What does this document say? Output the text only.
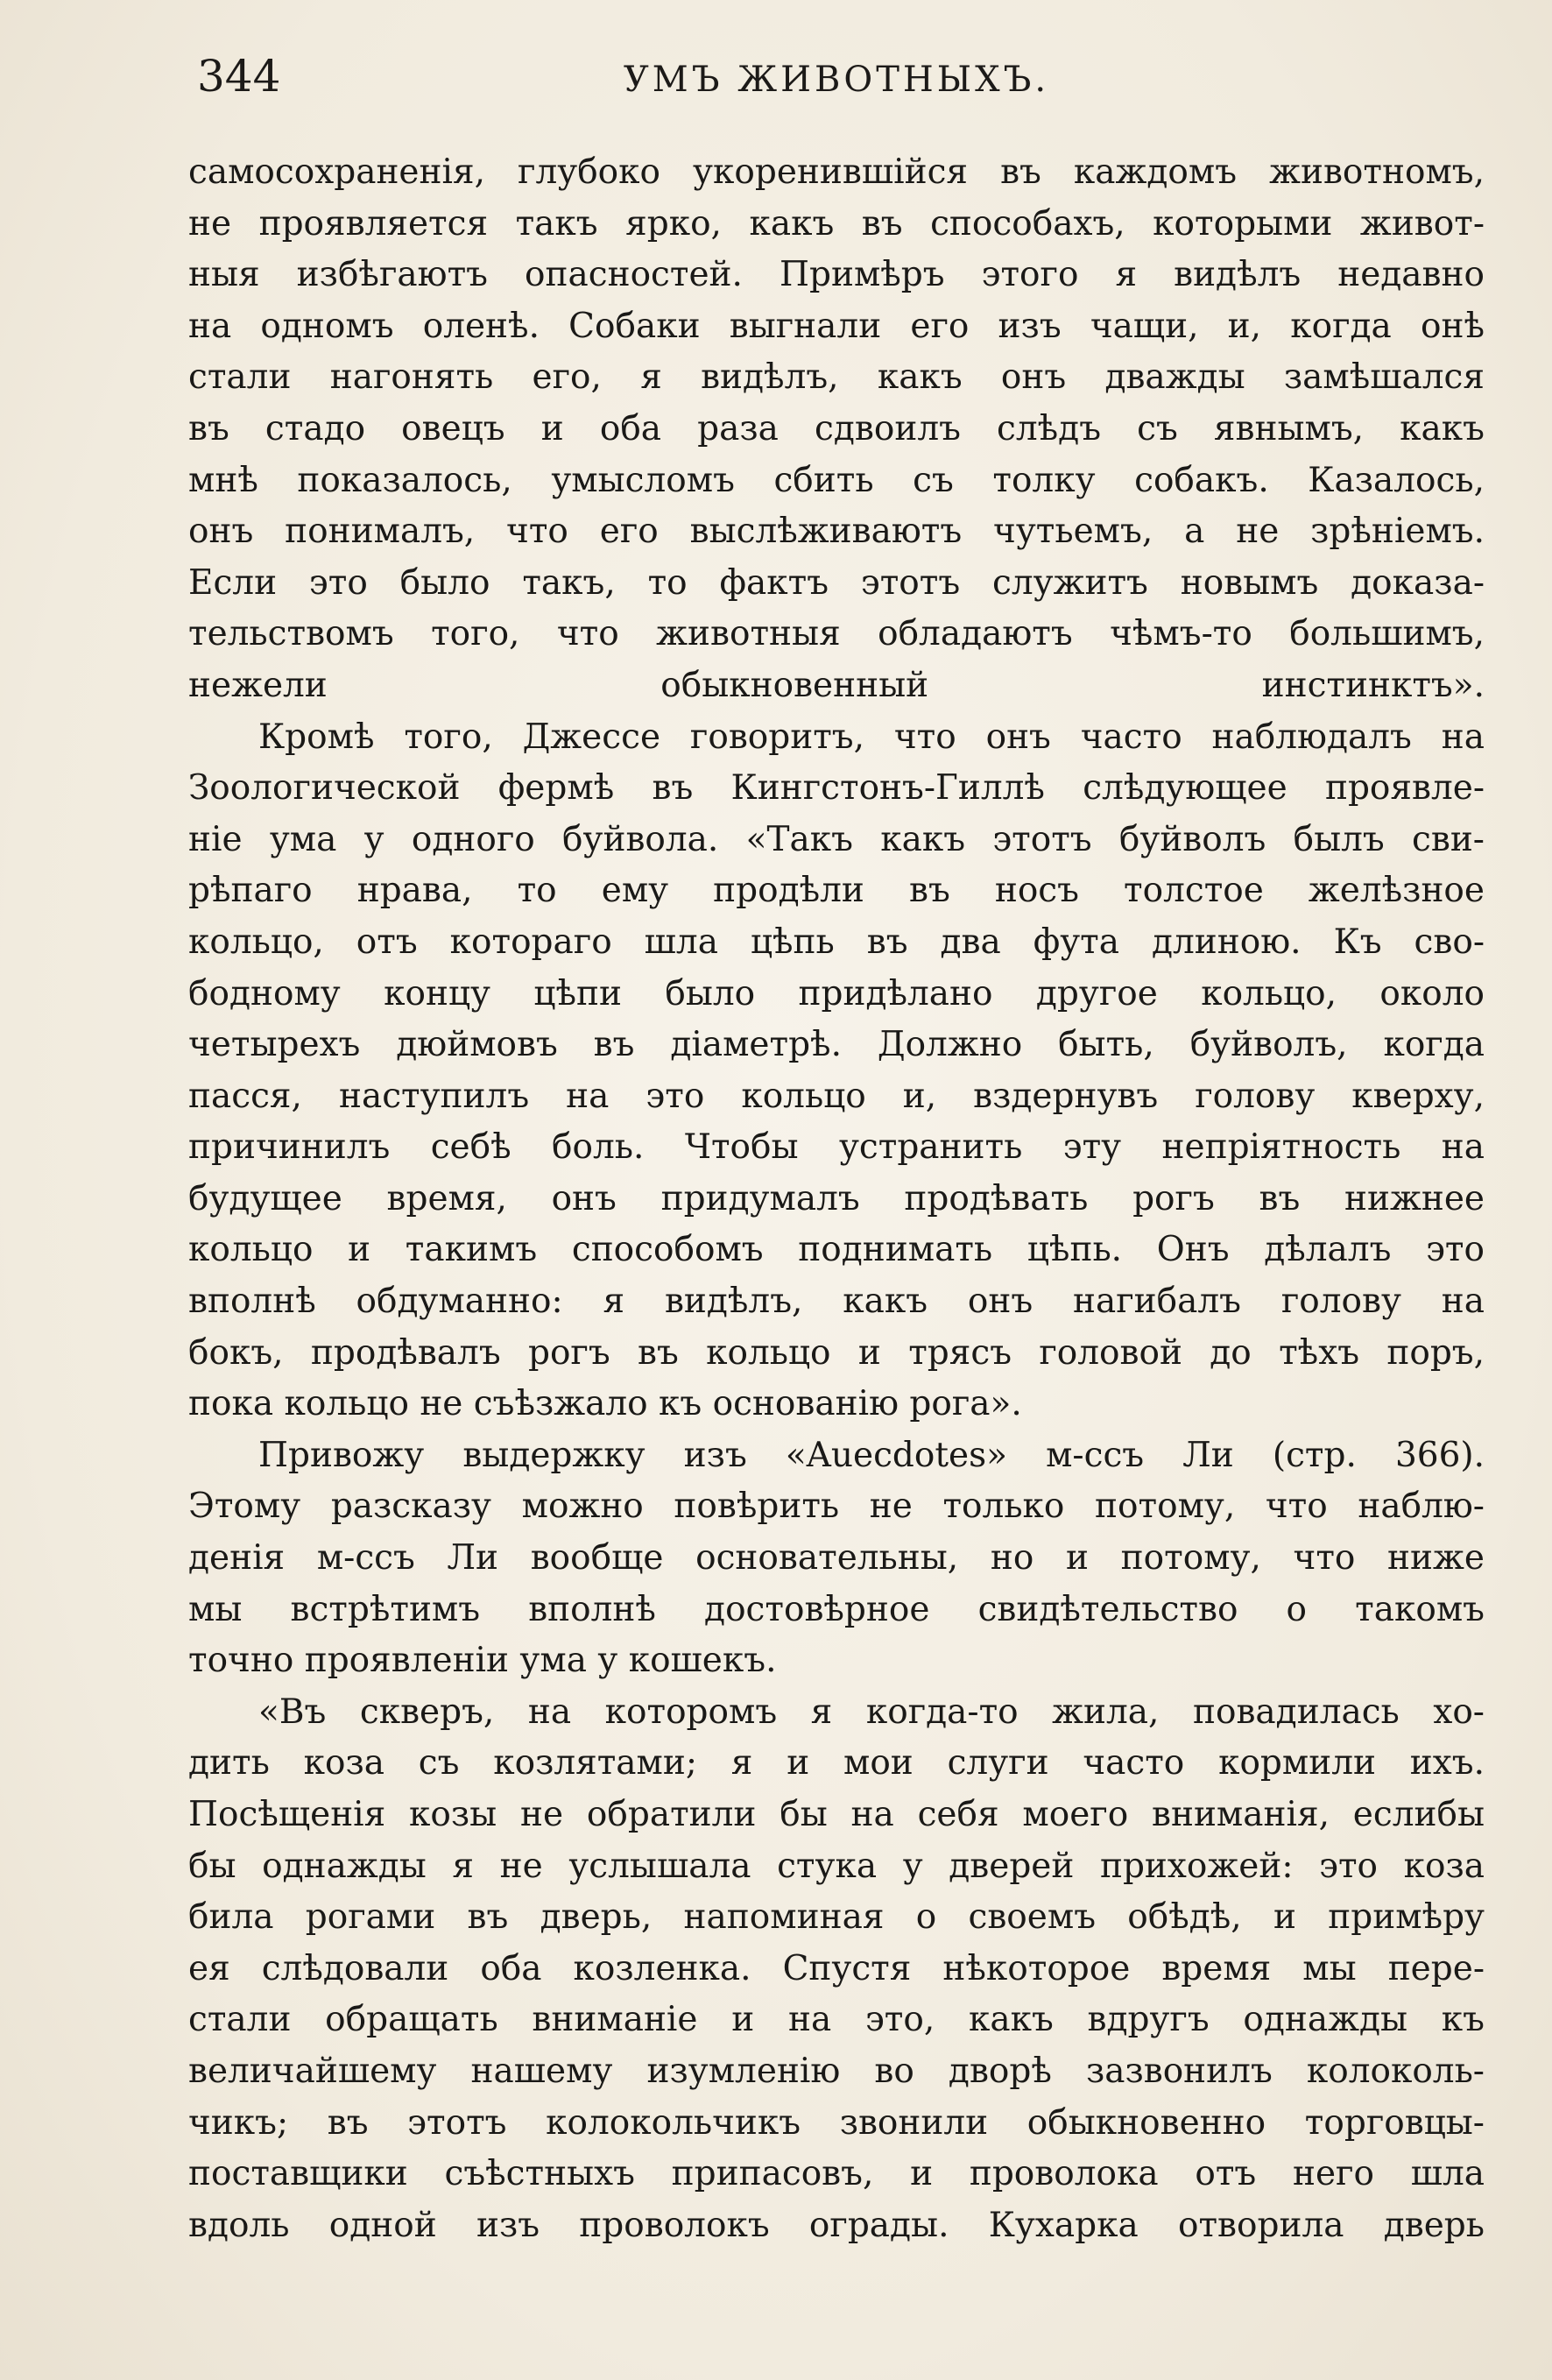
344	УМЪ ЖИВОТНЫХЪ.
самосохраненія, глубоко укоренившійся въ каждомъ животномъ,
не проявляется такъ ярко, какъ въ способахъ, которыми живот-
ныя избѣгаютъ опасностей. Примѣръ этого я видѣлъ недавно
на одномъ оленѣ. Собаки выгнали его изъ чащи, и, когда онѣ
стали нагонять его, я видѣлъ, какъ онъ дважды замѣшался
въ стадо овецъ и оба раза сдвоилъ слѣдъ съ явнымъ, какъ
мнѣ показалось, умысломъ сбить съ толку собакъ. Казалось,
онъ понималъ, что его выслѣживаютъ чутьемъ, а не зрѣніемъ.
Если это было такъ, то фактъ этотъ служитъ новымъ доказа-
тельствомъ того, что животныя обладаютъ чѣмъ-то большимъ,
нежели обыкновенный инстинктъ».
Кромѣ того, Джессе говоритъ, что онъ часто наблюдалъ на
Зоологической фермѣ въ Кингстонъ-Гиллѣ слѣдующее проявле-
ніе ума у одного буйвола. «Такъ какъ этотъ буйволъ былъ сви-
рѣпаго нрава, то ему продѣли въ носъ толстое желѣзное
кольцо, отъ котораго шла цѣпь въ два фута длиною. Къ сво-
бодному концу цѣпи было придѣлано другое кольцо, около
четырехъ дюймовъ въ діаметрѣ. Должно быть, буйволъ, когда
пасся, наступилъ на это кольцо и, вздернувъ голову кверху,
причинилъ себѣ боль. Чтобы устранить эту непріятность на
будущее время, онъ придумалъ продѣвать рогъ въ нижнее
кольцо и такимъ способомъ поднимать цѣпь. Онъ дѣлалъ это
вполнѣ обдуманно: я видѣлъ, какъ онъ нагибалъ голову на
бокъ, продѣвалъ рогъ въ кольцо и трясъ головой до тѣхъ поръ,
пока кольцо не съѣзжало къ основанію рога».
Привожу выдержку изъ «Auecdotes» м-ссъ Ли (стр. 366).
Этому разсказу можно повѣрить не только потому, что наблю-
денія м-ссъ Ли вообще основательны, но и потому, что ниже
мы встрѣтимъ вполнѣ достовѣрное свидѣтельство о такомъ
точно проявленіи ума у кошекъ.
«Въ скверъ, на которомъ я когда-то жила, повадилась хо-
дить коза съ козлятами; я и мои слуги часто кормили ихъ.
Посѣщенія козы не обратили бы на себя моего вниманія, еслибы
бы однажды я не услышала стука у дверей прихожей: это коза
била рогами въ дверь, напоминая о своемъ обѣдѣ, и примѣру
ея слѣдовали оба козленка. Спустя нѣкоторое время мы пере-
стали обращать вниманіе и на это, какъ вдругъ однажды къ
величайшему нашему изумленію во дворѣ зазвонилъ колоколь-
чикъ; въ этотъ колокольчикъ звонили обыкновенно торговцы-
поставщики съѣстныхъ припасовъ, и проволока отъ него шла
вдоль одной изъ проволокъ ограды. Кухарка отворила дверь
